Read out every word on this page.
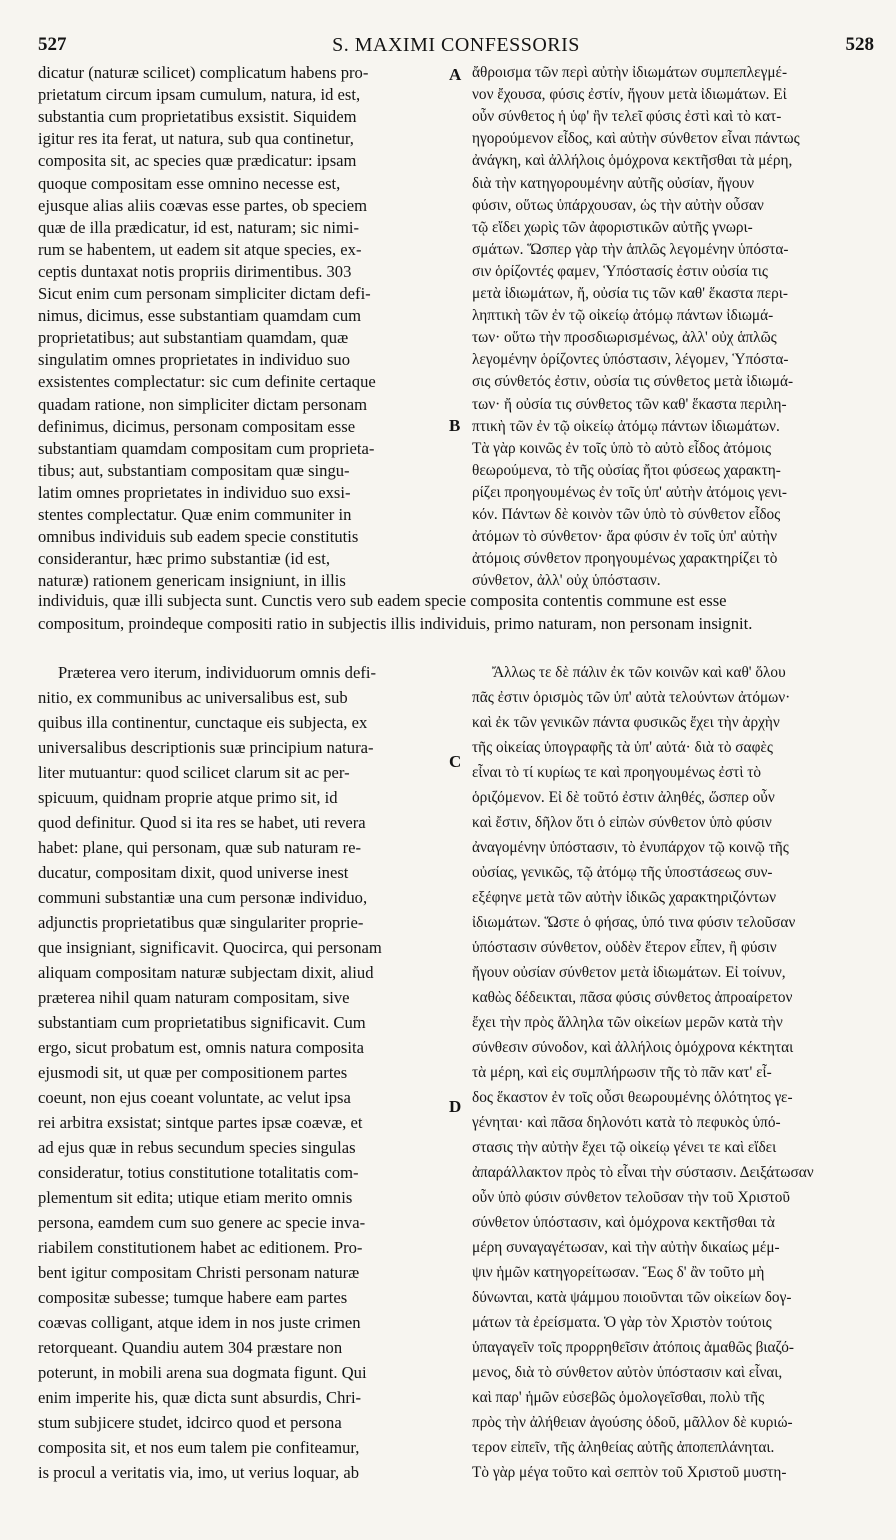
527	S. MAXIMI CONFESSORIS	528
dicatur (naturæ scilicet) complicatum habens pro-
prietatum circum ipsam cumulum, natura, id est,
substantia cum proprietatibus exsistit. Siquidem
igitur res ita ferat, ut natura, sub qua continetur,
composita sit, ac species quæ prædicatur: ipsam
quoque compositam esse omnino necesse est,
ejusque alias aliis coævas esse partes, ob speciem
quæ de illa prædicatur, id est, naturam; sic nimi-
rum se habentem, ut eadem sit atque species, ex-
ceptis duntaxat notis propriis dirimentibus. 303
Sicut enim cum personam simpliciter dictam defi-
nimus, dicimus, esse substantiam quamdam cum
proprietatibus; aut substantiam quamdam, quæ
singulatim omnes proprietates in individuo suo
exsistentes complectatur: sic cum definite certaque
quadam ratione, non simpliciter dictam personam
definimus, dicimus, personam compositam esse
substantiam quamdam compositam cum proprieta-
tibus; aut, substantiam compositam quæ singu-
latim omnes proprietates in individuo suo exsi-
stentes complectatur. Quæ enim communiter in
omnibus individuis sub eadem specie constitutis
considerantur, hæc primo substantiæ (id est,
naturæ) rationem genericam insigniunt, in illis
ἄθροισμα τῶν περὶ αὐτὴν ἰδιωμάτων συμπεπλεγμέ-
νον ἔχουσα, φύσις ἐστίν, ἤγουν μετὰ ἰδιωμάτων. Εἰ
οὖν σύνθετος ἡ ὑφ' ἣν τελεῖ φύσις ἐστὶ καὶ τὸ κατ-
ηγορούμενον εἶδος, καὶ αὐτὴν σύνθετον εἶναι πάντως
ἀνάγκη, καὶ ἀλλήλοις ὁμόχρονα κεκτῆσθαι τὰ μέρη,
διὰ τὴν κατηγορουμένην αὐτῆς οὐσίαν, ἤγουν
φύσιν, οὕτως ὑπάρχουσαν, ὡς τὴν αὐτὴν οὖσαν
τῷ εἴδει χωρὶς τῶν ἀφοριστικῶν αὐτῆς γνωρι-
σμάτων. Ὥσπερ γὰρ τὴν ἁπλῶς λεγομένην ὑπόστα-
σιν ὁρίζοντές φαμεν, Ὑπόστασίς ἐστιν οὐσία τις
μετὰ ἰδιωμάτων, ἤ, οὐσία τις τῶν καθ' ἕκαστα περι-
ληπτικὴ τῶν ἐν τῷ οἰκείῳ ἀτόμῳ πάντων ἰδιωμά-
των· οὕτω τὴν προσδιωρισμένως, ἀλλ' οὐχ ἁπλῶς
λεγομένην ὁρίζοντες ὑπόστασιν, λέγομεν, Ὑπόστα-
σις σύνθετός ἐστιν, οὐσία τις σύνθετος μετὰ ἰδιωμά-
των· ἤ οὐσία τις σύνθετος τῶν καθ' ἕκαστα περιλη-
πτικὴ τῶν ἐν τῷ οἰκείῳ ἀτόμῳ πάντων ἰδιωμάτων.
Τὰ γὰρ κοινῶς ἐν τοῖς ὑπὸ τὸ αὐτὸ εἶδος ἀτόμοις
θεωρούμενα, τὸ τῆς οὐσίας ἤτοι φύσεως χαρακτη-
ρίζει προηγουμένως ἐν τοῖς ὑπ' αὐτὴν ἀτόμοις γενι-
κόν. Πάντων δὲ κοινὸν τῶν ὑπὸ τὸ σύνθετον εἶδος
ἀτόμων τὸ σύνθετον· ἄρα φύσιν ἐν τοῖς ὑπ' αὐτὴν
ἀτόμοις σύνθετον προηγουμένως χαρακτηρίζει τὸ
σύνθετον, ἀλλ' οὐχ ὑπόστασιν.
A
B
C
D
individuis, quæ illi subjecta sunt. Cunctis vero sub eadem specie composita contentis commune est esse
compositum, proindeque compositi ratio in subjectis illis individuis, primo naturam, non personam insignit.
Præterea vero iterum, individuorum omnis defi-
nitio, ex communibus ac universalibus est, sub
quibus illa continentur, cunctaque eis subjecta, ex
universalibus descriptionis suæ principium natura-
liter mutuantur: quod scilicet clarum sit ac per-
spicuum, quidnam proprie atque primo sit, id
quod definitur. Quod si ita res se habet, uti revera
habet: plane, qui personam, quæ sub naturam re-
ducatur, compositam dixit, quod universe inest
communi substantiæ una cum personæ individuo,
adjunctis proprietatibus quæ singulariter proprie-
que insigniant, significavit. Quocirca, qui personam
aliquam compositam naturæ subjectam dixit, aliud
præterea nihil quam naturam compositam, sive
substantiam cum proprietatibus significavit. Cum
ergo, sicut probatum est, omnis natura composita
ejusmodi sit, ut quæ per compositionem partes
coeunt, non ejus coeant voluntate, ac velut ipsa
rei arbitra exsistat; sintque partes ipsæ coævæ, et
ad ejus quæ in rebus secundum species singulas
consideratur, totius constitutione totalitatis com-
plementum sit edita; utique etiam merito omnis
persona, eamdem cum suo genere ac specie inva-
riabilem constitutionem habet ac editionem. Pro-
bent igitur compositam Christi personam naturæ
compositæ subesse; tumque habere eam partes
coævas colligant, atque idem in nos juste crimen
retorqueant. Quandiu autem 304 præstare non
poterunt, in mobili arena sua dogmata figunt. Qui
enim imperite his, quæ dicta sunt absurdis, Chri-
stum subjicere studet, idcirco quod et persona
composita sit, et nos eum talem pie confiteamur,
is procul a veritatis via, imo, ut verius loquar, ab
Ἄλλως τε δὲ πάλιν ἐκ τῶν κοινῶν καὶ καθ' ὅλου
πᾶς ἐστιν ὁρισμὸς τῶν ὑπ' αὐτὰ τελούντων ἀτόμων·
καὶ ἐκ τῶν γενικῶν πάντα φυσικῶς ἔχει τὴν ἀρχὴν
τῆς οἰκείας ὑπογραφῆς τὰ ὑπ' αὐτά· διὰ τὸ σαφὲς
εἶναι τὸ τί κυρίως τε καὶ προηγουμένως ἐστὶ τὸ
ὁριζόμενον. Εἰ δὲ τοῦτό ἐστιν ἀληθές, ὥσπερ οὖν
καὶ ἔστιν, δῆλον ὅτι ὁ εἰπὼν σύνθετον ὑπὸ φύσιν
ἀναγομένην ὑπόστασιν, τὸ ἐνυπάρχον τῷ κοινῷ τῆς
οὐσίας, γενικῶς, τῷ ἀτόμῳ τῆς ὑποστάσεως συν-
εξέφηνε μετὰ τῶν αὐτὴν ἰδικῶς χαρακτηριζόντων
ἰδιωμάτων. Ὥστε ὁ φήσας, ὑπό τινα φύσιν τελοῦσαν
ὑπόστασιν σύνθετον, οὐδὲν ἕτερον εἶπεν, ἢ φύσιν
ἤγουν οὐσίαν σύνθετον μετὰ ἰδιωμάτων. Εἰ τοίνυν,
καθὼς δέδεικται, πᾶσα φύσις σύνθετος ἀπροαίρετον
ἔχει τὴν πρὸς ἄλληλα τῶν οἰκείων μερῶν κατὰ τὴν
σύνθεσιν σύνοδον, καὶ ἀλλήλοις ὁμόχρονα κέκτηται
τὰ μέρη, καὶ εἰς συμπλήρωσιν τῆς τὸ πᾶν κατ' εἶ-
δος ἕκαστον ἐν τοῖς οὖσι θεωρουμένης ὁλότητος γε-
γένηται· καὶ πᾶσα δηλονότι κατὰ τὸ πεφυκὸς ὑπό-
στασις τὴν αὐτὴν ἔχει τῷ οἰκείῳ γένει τε καὶ εἴδει
ἀπαράλλακτον πρὸς τὸ εἶναι τὴν σύστασιν. Δειξάτωσαν
οὖν ὑπὸ φύσιν σύνθετον τελοῦσαν τὴν τοῦ Χριστοῦ
σύνθετον ὑπόστασιν, καὶ ὁμόχρονα κεκτῆσθαι τὰ
μέρη συναγαγέτωσαν, καὶ τὴν αὐτὴν δικαίως μέμ-
ψιν ἡμῶν κατηγορείτωσαν. Ἕως δ' ἂν τοῦτο μὴ
δύνωνται, κατὰ ψάμμου ποιοῦνται τῶν οἰκείων δογ-
μάτων τὰ ἐρείσματα. Ὁ γὰρ τὸν Χριστὸν τούτοις
ὑπαγαγεῖν τοῖς προρρηθεῖσιν ἀτόποις ἀμαθῶς βιαζό-
μενος, διὰ τὸ σύνθετον αὐτὸν ὑπόστασιν καὶ εἶναι,
καὶ παρ' ἡμῶν εὐσεβῶς ὁμολογεῖσθαι, πολὺ τῆς
πρὸς τὴν ἀλήθειαν ἀγούσης ὁδοῦ, μᾶλλον δὲ κυριώ-
τερον εἰπεῖν, τῆς ἀληθείας αὐτῆς ἀποπεπλάνηται.
Τὸ γὰρ μέγα τοῦτο καὶ σεπτὸν τοῦ Χριστοῦ μυστη-
